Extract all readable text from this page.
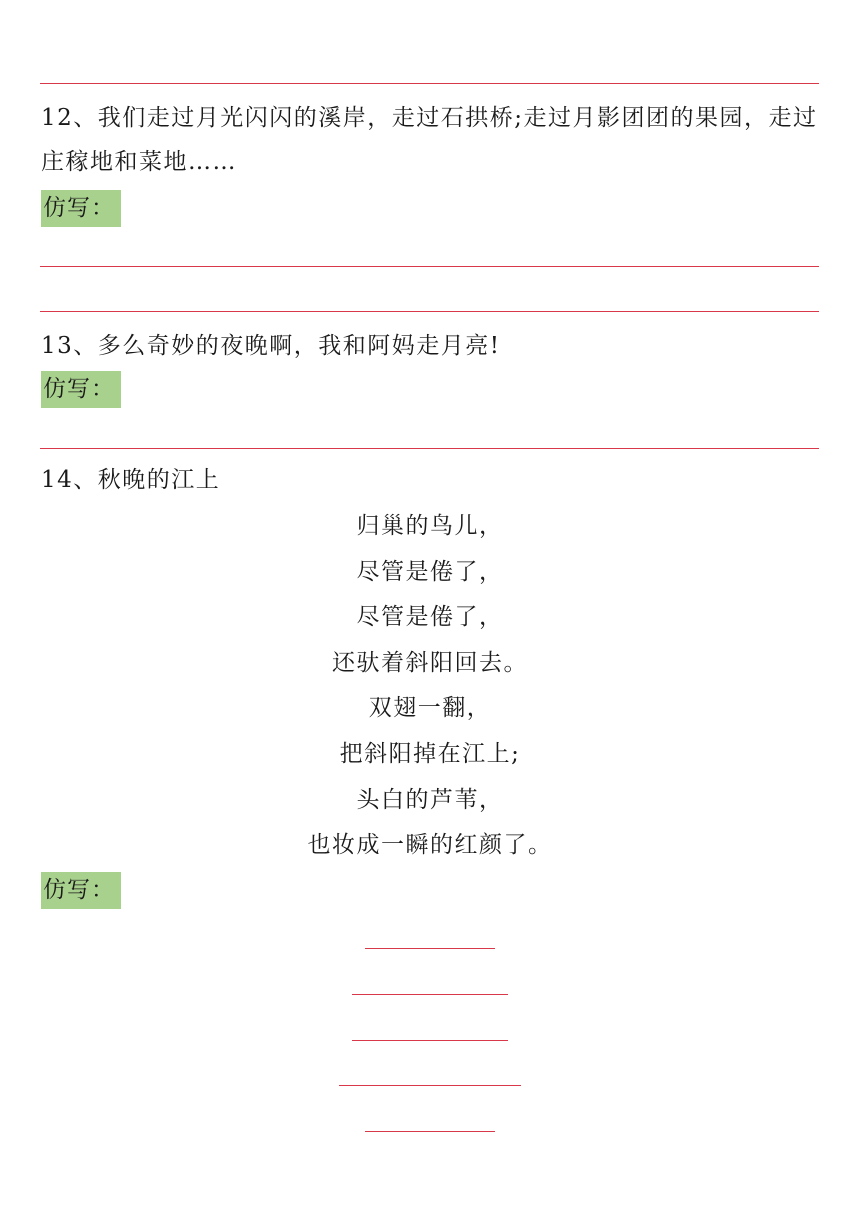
12、我们走过月光闪闪的溪岸，走过石拱桥;走过月影团团的果园，走过庄稼地和菜地……
仿写：
13、多么奇妙的夜晚啊，我和阿妈走月亮!
仿写：
14、秋晚的江上
归巢的鸟儿，
尽管是倦了，
尽管是倦了，
还驮着斜阳回去。
双翅一翻，
把斜阳掉在江上;
头白的芦苇，
也妆成一瞬的红颜了。
仿写：
